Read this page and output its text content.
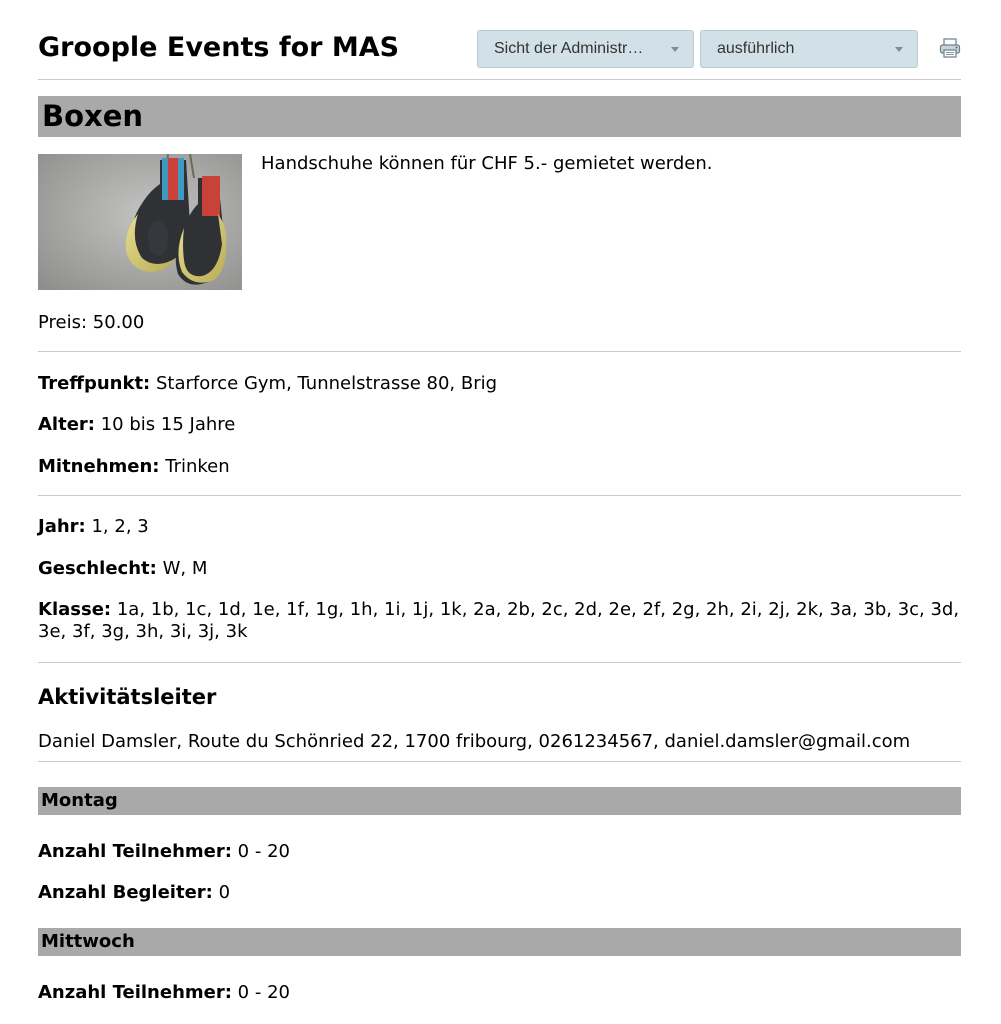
Groople Events for MAS	Sicht der Administr…	ausführlich
Boxen
Handschuhe können für CHF 5.- gemietet werden.
Preis: 50.00
Treffpunkt: Starforce Gym, Tunnelstrasse 80, Brig
Alter: 10 bis 15 Jahre
Mitnehmen: Trinken
Jahr: 1, 2, 3
Geschlecht: W, M
Klasse: 1a, 1b, 1c, 1d, 1e, 1f, 1g, 1h, 1i, 1j, 1k, 2a, 2b, 2c, 2d, 2e, 2f, 2g, 2h, 2i, 2j, 2k, 3a, 3b, 3c, 3d, 3e, 3f, 3g, 3h, 3i, 3j, 3k
Aktivitätsleiter
Daniel Damsler, Route du Schönried 22, 1700 fribourg, 0261234567, daniel.damsler@gmail.com
Montag
Anzahl Teilnehmer: 0 - 20
Anzahl Begleiter: 0
Mittwoch
Anzahl Teilnehmer: 0 - 20
